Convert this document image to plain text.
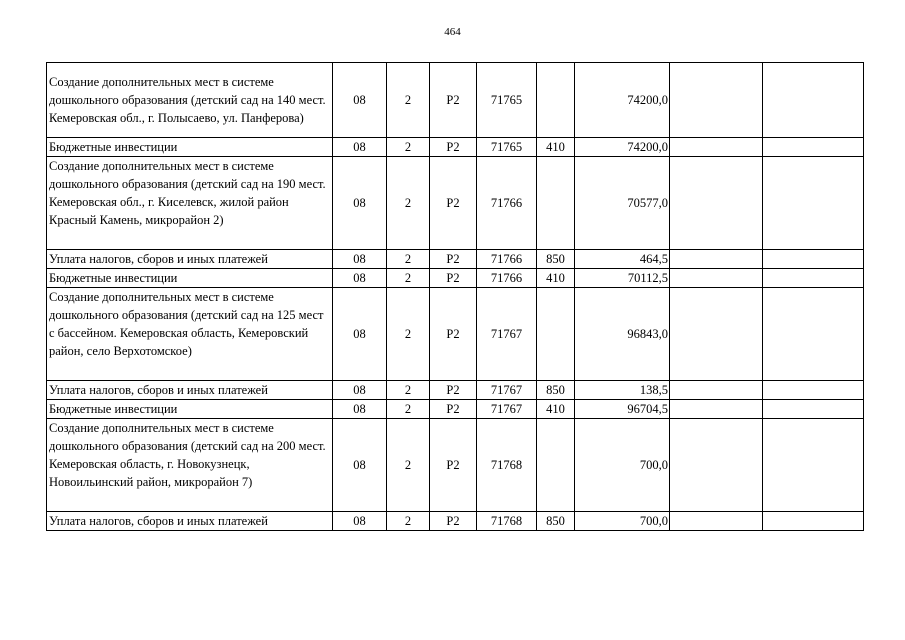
464
Создание дополнительных мест в системе дошкольного образования (детский сад на 140 мест. Кемеровская обл., г. Полысаево, ул. Панферова)	08	2	P2	71765		74200,0		
Бюджетные инвестиции	08	2	P2	71765	410	74200,0		
Создание дополнительных мест в системе дошкольного образования (детский сад на 190 мест. Кемеровская обл., г. Киселевск, жилой район Красный Камень, микрорайон 2)	08	2	P2	71766		70577,0		
Уплата налогов, сборов и иных платежей	08	2	P2	71766	850	464,5		
Бюджетные инвестиции	08	2	P2	71766	410	70112,5		
Создание дополнительных мест в системе дошкольного образования (детский сад на 125 мест с бассейном. Кемеровская область, Кемеровский район, село Верхотомское)	08	2	P2	71767		96843,0		
Уплата налогов, сборов и иных платежей	08	2	P2	71767	850	138,5		
Бюджетные инвестиции	08	2	P2	71767	410	96704,5		
Создание дополнительных мест в системе дошкольного образования (детский сад на 200 мест. Кемеровская область, г. Новокузнецк, Новоильинский район, микрорайон 7)	08	2	P2	71768		700,0		
Уплата налогов, сборов и иных платежей	08	2	P2	71768	850	700,0		
